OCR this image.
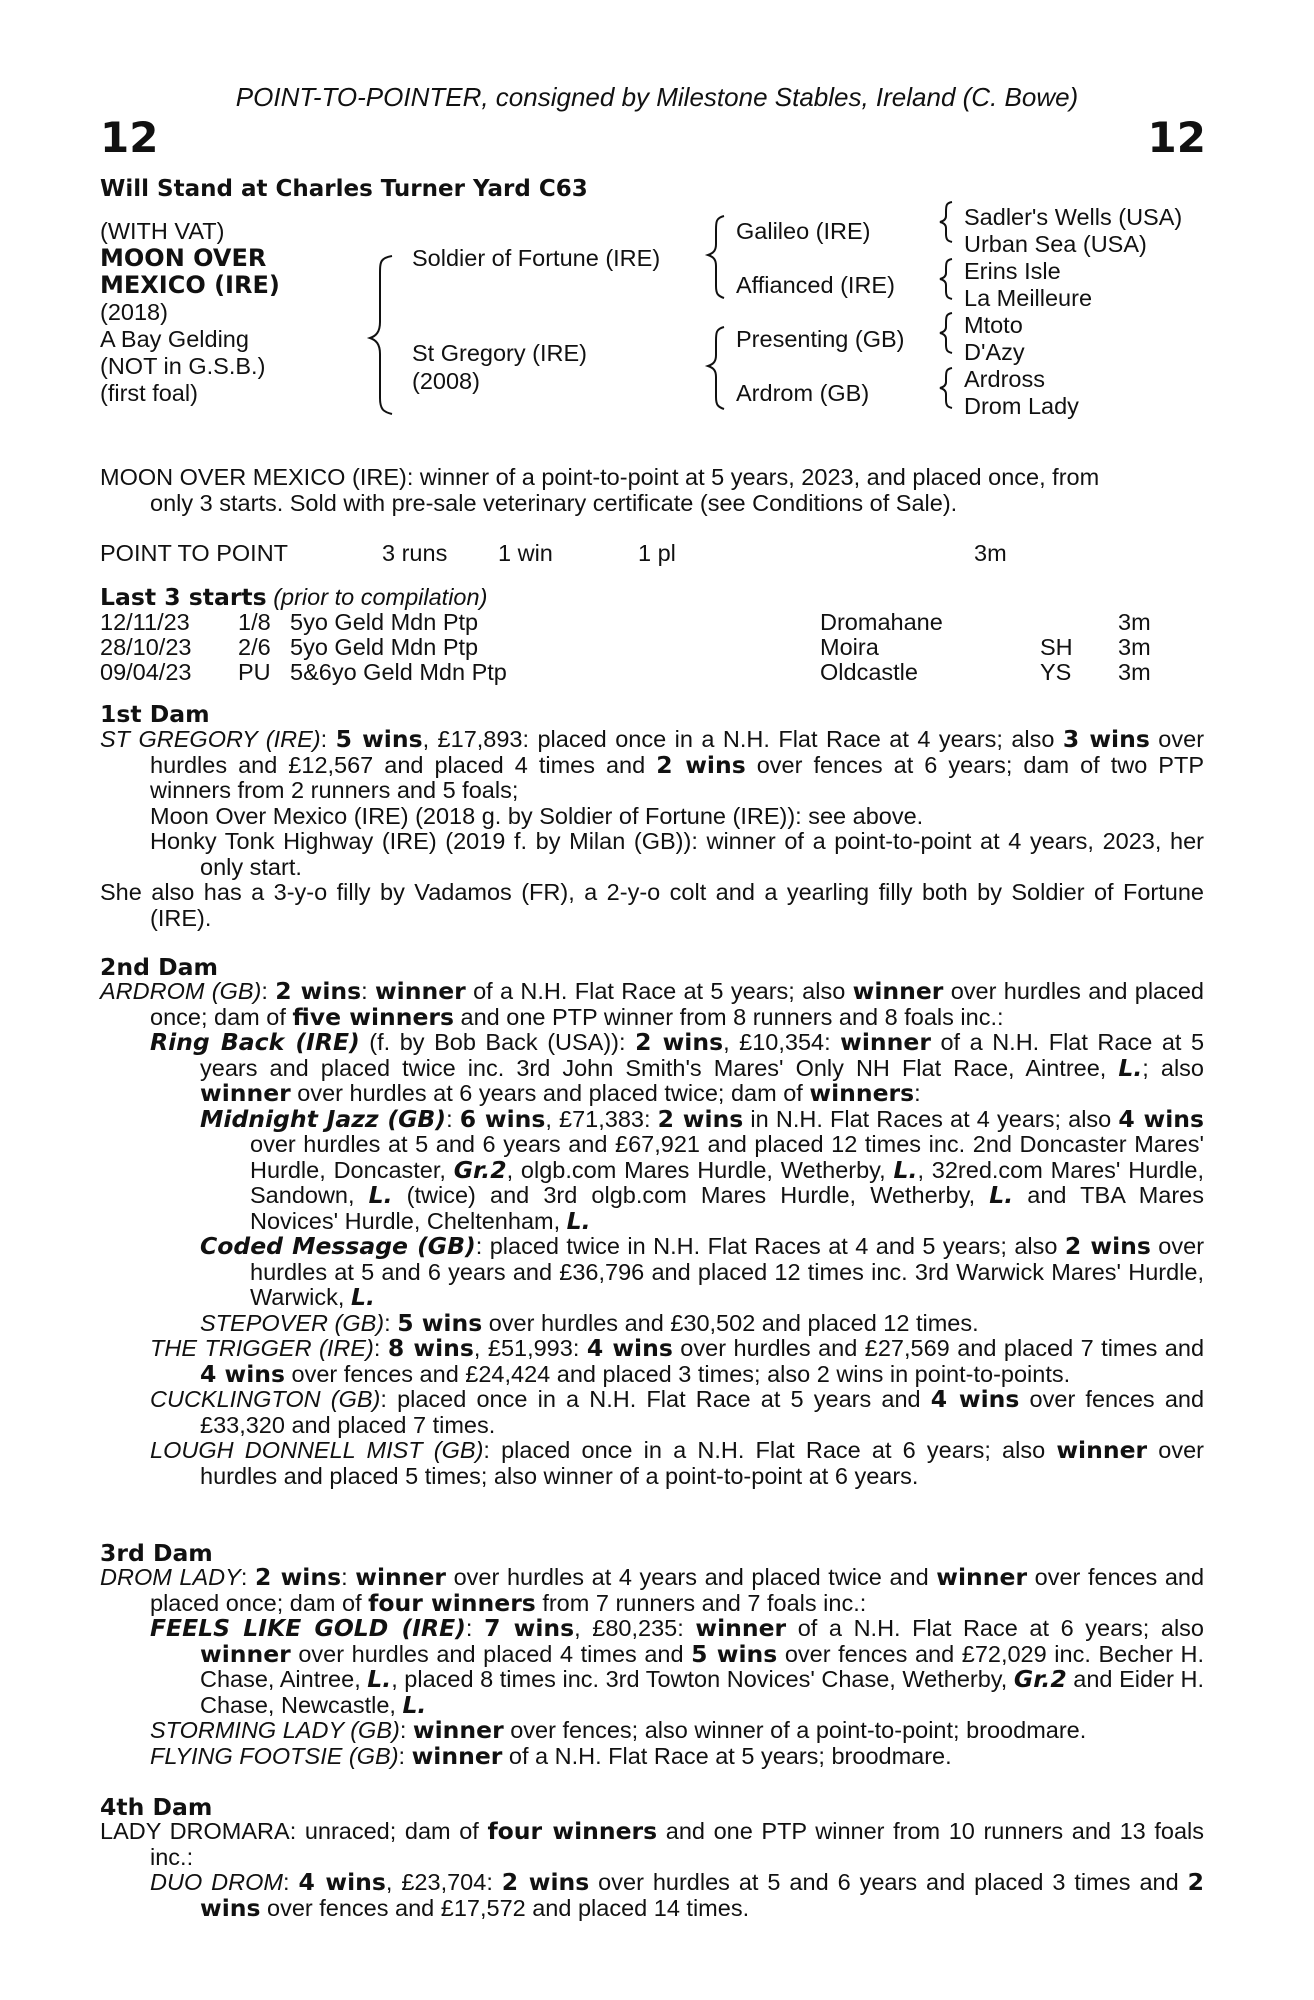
POINT-TO-POINTER, consigned by Milestone Stables, Ireland (C. Bowe)
12	12
Will Stand at Charles Turner Yard C63
(WITH VAT)
MOON OVER
MEXICO (IRE)
(2018)
A Bay Gelding
(NOT in G.S.B.)
(first foal)
Soldier of Fortune (IRE)
St Gregory (IRE)
(2008)
Galileo (IRE)
Affianced (IRE)
Presenting (GB)
Ardrom (GB)
Sadler's Wells (USA)
Urban Sea (USA)
Erins Isle
La Meilleure
Mtoto
D'Azy
Ardross
Drom Lady
MOON OVER MEXICO (IRE): winner of a point-to-point at 5 years, 2023, and placed once, from
only 3 starts. Sold with pre-sale veterinary certificate (see Conditions of Sale).
POINT TO POINT	3 runs 1 win	1 pl	3m
Last 3 starts (prior to compilation)
12/11/23 1/8 5yo Geld Mdn Ptp	Dromahane	3m
28/10/23 2/6 5yo Geld Mdn Ptp	Moira	SH 3m
09/04/23 PU 5&6yo Geld Mdn Ptp	Oldcastle	YS 3m
1st Dam
ST GREGORY (IRE): 5 wins, £17,893: placed once in a N.H. Flat Race at 4 years; also 3 wins over hurdles and £12,567 and placed 4 times and 2 wins over fences at 6 years; dam of two PTP winners from 2 runners and 5 foals;
Moon Over Mexico (IRE) (2018 g. by Soldier of Fortune (IRE)): see above.
Honky Tonk Highway (IRE) (2019 f. by Milan (GB)): winner of a point-to-point at 4 years, 2023, her only start.
She also has a 3-y-o filly by Vadamos (FR), a 2-y-o colt and a yearling filly both by Soldier of Fortune (IRE).
2nd Dam
ARDROM (GB): 2 wins: winner of a N.H. Flat Race at 5 years; also winner over hurdles and placed once; dam of five winners and one PTP winner from 8 runners and 8 foals inc.:
Ring Back (IRE) (f. by Bob Back (USA)): 2 wins, £10,354: winner of a N.H. Flat Race at 5 years and placed twice inc. 3rd John Smith's Mares' Only NH Flat Race, Aintree, L.; also winner over hurdles at 6 years and placed twice; dam of winners:
Midnight Jazz (GB): 6 wins, £71,383: 2 wins in N.H. Flat Races at 4 years; also 4 wins over hurdles at 5 and 6 years and £67,921 and placed 12 times inc. 2nd Doncaster Mares' Hurdle, Doncaster, Gr.2, olgb.com Mares Hurdle, Wetherby, L., 32red.com Mares' Hurdle, Sandown, L. (twice) and 3rd olgb.com Mares Hurdle, Wetherby, L. and TBA Mares Novices' Hurdle, Cheltenham, L.
Coded Message (GB): placed twice in N.H. Flat Races at 4 and 5 years; also 2 wins over hurdles at 5 and 6 years and £36,796 and placed 12 times inc. 3rd Warwick Mares' Hurdle, Warwick, L.
STEPOVER (GB): 5 wins over hurdles and £30,502 and placed 12 times.
THE TRIGGER (IRE): 8 wins, £51,993: 4 wins over hurdles and £27,569 and placed 7 times and 4 wins over fences and £24,424 and placed 3 times; also 2 wins in point-to-points.
CUCKLINGTON (GB): placed once in a N.H. Flat Race at 5 years and 4 wins over fences and £33,320 and placed 7 times.
LOUGH DONNELL MIST (GB): placed once in a N.H. Flat Race at 6 years; also winner over hurdles and placed 5 times; also winner of a point-to-point at 6 years.
3rd Dam
DROM LADY: 2 wins: winner over hurdles at 4 years and placed twice and winner over fences and placed once; dam of four winners from 7 runners and 7 foals inc.:
FEELS LIKE GOLD (IRE): 7 wins, £80,235: winner of a N.H. Flat Race at 6 years; also winner over hurdles and placed 4 times and 5 wins over fences and £72,029 inc. Becher H. Chase, Aintree, L., placed 8 times inc. 3rd Towton Novices' Chase, Wetherby, Gr.2 and Eider H. Chase, Newcastle, L.
STORMING LADY (GB): winner over fences; also winner of a point-to-point; broodmare.
FLYING FOOTSIE (GB): winner of a N.H. Flat Race at 5 years; broodmare.
4th Dam
LADY DROMARA: unraced; dam of four winners and one PTP winner from 10 runners and 13 foals inc.:
DUO DROM: 4 wins, £23,704: 2 wins over hurdles at 5 and 6 years and placed 3 times and 2 wins over fences and £17,572 and placed 14 times.
